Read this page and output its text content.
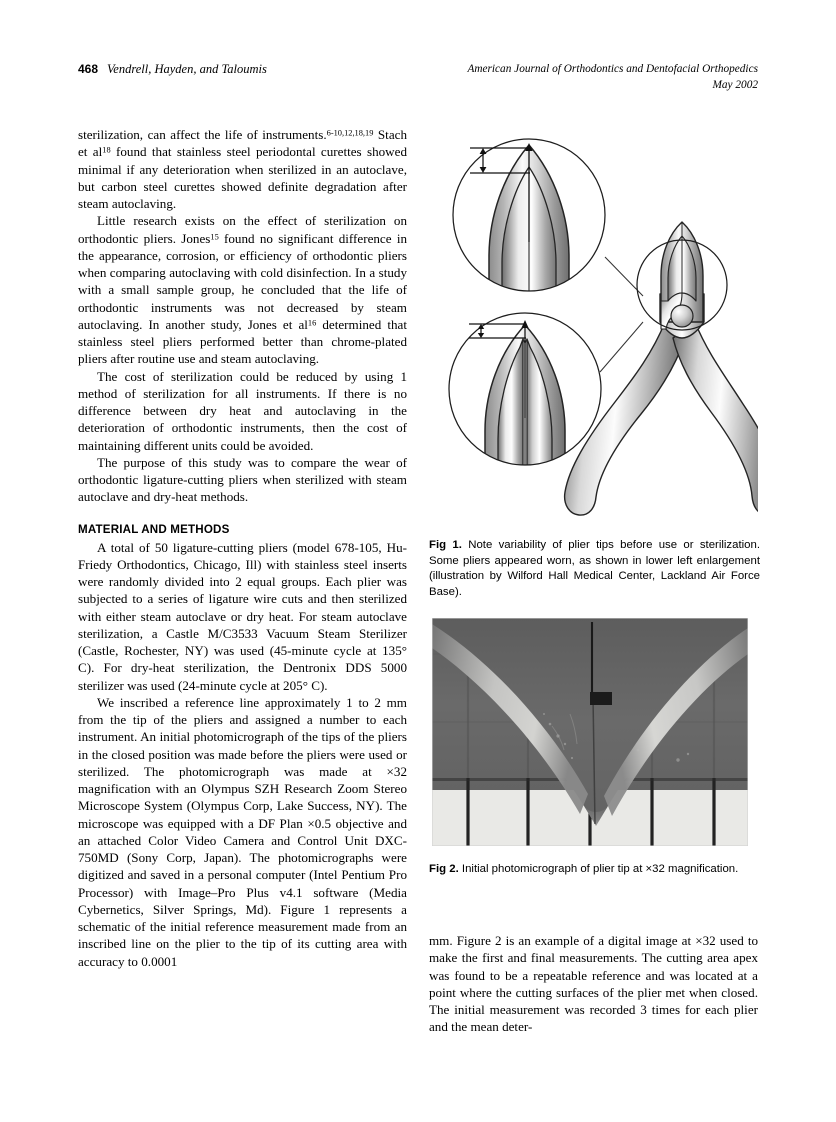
468 Vendrell, Hayden, and Taloumis	American Journal of Orthodontics and Dentofacial Orthopedics
May 2002

sterilization, can affect the life of instruments.$^{6-10,12,18,19}$ Stach et $al^{18}$ found that stainless steel periodontal curettes showed minimal if any deterioration when sterilized in an autoclave, but carbon steel curettes showed definite degradation after steam autoclaving.

Little research exists on the effect of sterilization on orthodontic pliers. Jones$^{15}$ found no significant difference in the appearance, corrosion, or efficiency of orthodontic pliers when comparing autoclaving with cold disinfection. In a study with a small sample group, he concluded that the life of orthodontic instruments was not decreased by steam autoclaving. In another study, Jones et $al^{16}$ determined that stainless steel pliers performed better than chrome-plated pliers after routine use and steam autoclaving.

The cost of sterilization could be reduced by using 1 method of sterilization for all instruments. If there is no difference between dry heat and autoclaving in the deterioration of orthodontic instruments, then the cost of maintaining different units could be avoided.

The purpose of this study was to compare the wear of orthodontic ligature-cutting pliers when sterilized with steam autoclave and dry-heat methods.

MATERIAL AND METHODS

A total of 50 ligature-cutting pliers (model 678-105, Hu-Friedy Orthodontics, Chicago, Ill) with stainless steel inserts were randomly divided into 2 equal groups. Each plier was subjected to a series of ligature wire cuts and then sterilized with either steam autoclave or dry heat. For steam autoclave sterilization, a Castle M/C3533 Vacuum Steam Sterilizer (Castle, Rochester, NY) was used (45-minute cycle at 135° C). For dry-heat sterilization, the Dentronix DDS 5000 sterilizer was used (24-minute cycle at 205° C).

We inscribed a reference line approximately 1 to 2 mm from the tip of the pliers and assigned a number to each instrument. An initial photomicrograph of the tips of the pliers in the closed position was made before the pliers were used or sterilized. The photomicrograph was made at ×32 magnification with an Olympus SZH Research Zoom Stereo Microscope System (Olympus Corp, Lake Success, NY). The microscope was equipped with a DF Plan ×0.5 objective and an attached Color Video Camera and Control Unit DXC-750MD (Sony Corp, Japan). The photomicrographs were digitized and saved in a personal computer (Intel Pentium Pro Processor) with Image–Pro Plus v4.1 software (Media Cybernetics, Silver Springs, Md). Figure 1 represents a schematic of the initial reference measurement made from an inscribed line on the plier to the tip of its cutting area with accuracy to 0.0001

Fig 1. Note variability of plier tips before use or sterilization. Some pliers appeared worn, as shown in lower left enlargement (illustration by Wilford Hall Medical Center, Lackland Air Force Base).

Fig 2. Initial photomicrograph of plier tip at ×32 magnification.

mm. Figure 2 is an example of a digital image at ×32 used to make the first and final measurements. The cutting area apex was found to be a repeatable reference and was located at a point where the cutting surfaces of the plier met when closed. The initial measurement was recorded 3 times for each plier and the mean deter-
